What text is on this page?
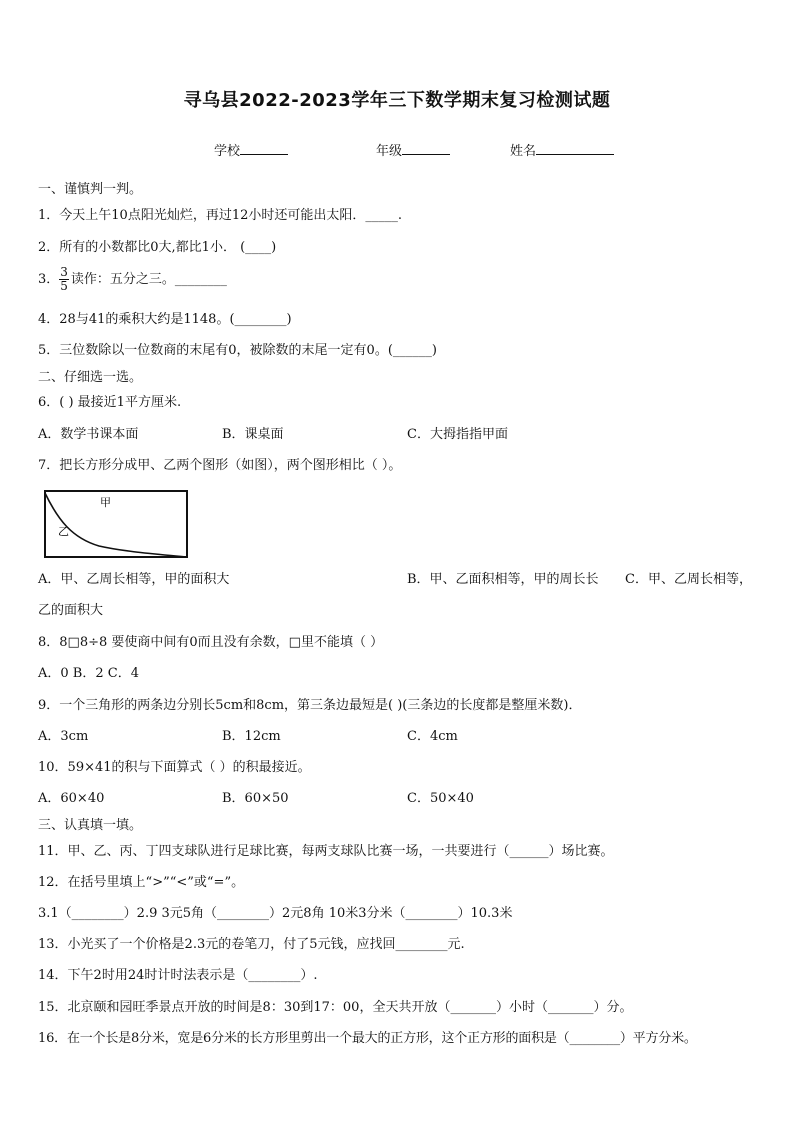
寻乌县2022-2023学年三下数学期末复习检测试题
学校	年级	姓名
一、谨慎判一判。
1．今天上午10点阳光灿烂，再过12小时还可能出太阳．_____.
2．所有的小数都比0大,都比1小． (____)
3． $\frac{3}{5}$ 读作：五分之三。________
4．28与41的乘积大约是1148。(________)
5．三位数除以一位数商的末尾有0，被除数的末尾一定有0。(______)
二、仔细选一选。
6．( ) 最接近1平方厘米.
A．数学书课本面	B．课桌面	C．大拇指指甲面
7．把长方形分成甲、乙两个图形（如图），两个图形相比（ ）。
甲
乙
A．甲、乙周长相等，甲的面积大	B．甲、乙面积相等，甲的周长长 C．甲、乙周长相等，
乙的面积大
8．8□8÷8 要使商中间有0而且没有余数，□里不能填（ ）
A．0 B．2 C．4
9．一个三角形的两条边分别长5cm和8cm，第三条边最短是( )(三条边的长度都是整厘米数)．
A．3cm	B．12cm	C．4cm
10．59×41的积与下面算式（ ）的积最接近。
A．60×40	B．60×50	C．50×40
三、认真填一填。
11．甲、乙、丙、丁四支球队进行足球比赛，每两支球队比赛一场，一共要进行（______）场比赛。
12．在括号里填上“>”“<”或“=”。
3.1（________）2.9 3元5角（________）2元8角 10米3分米（________）10.3米
13．小光买了一个价格是2.3元的卷笔刀，付了5元钱，应找回________元.
14．下午2时用24时计时法表示是（________）.
15．北京颐和园旺季景点开放的时间是8：30到17：00，全天共开放（_______）小时（_______）分。
16．在一个长是8分米，宽是6分米的长方形里剪出一个最大的正方形，这个正方形的面积是（________）平方分米。
